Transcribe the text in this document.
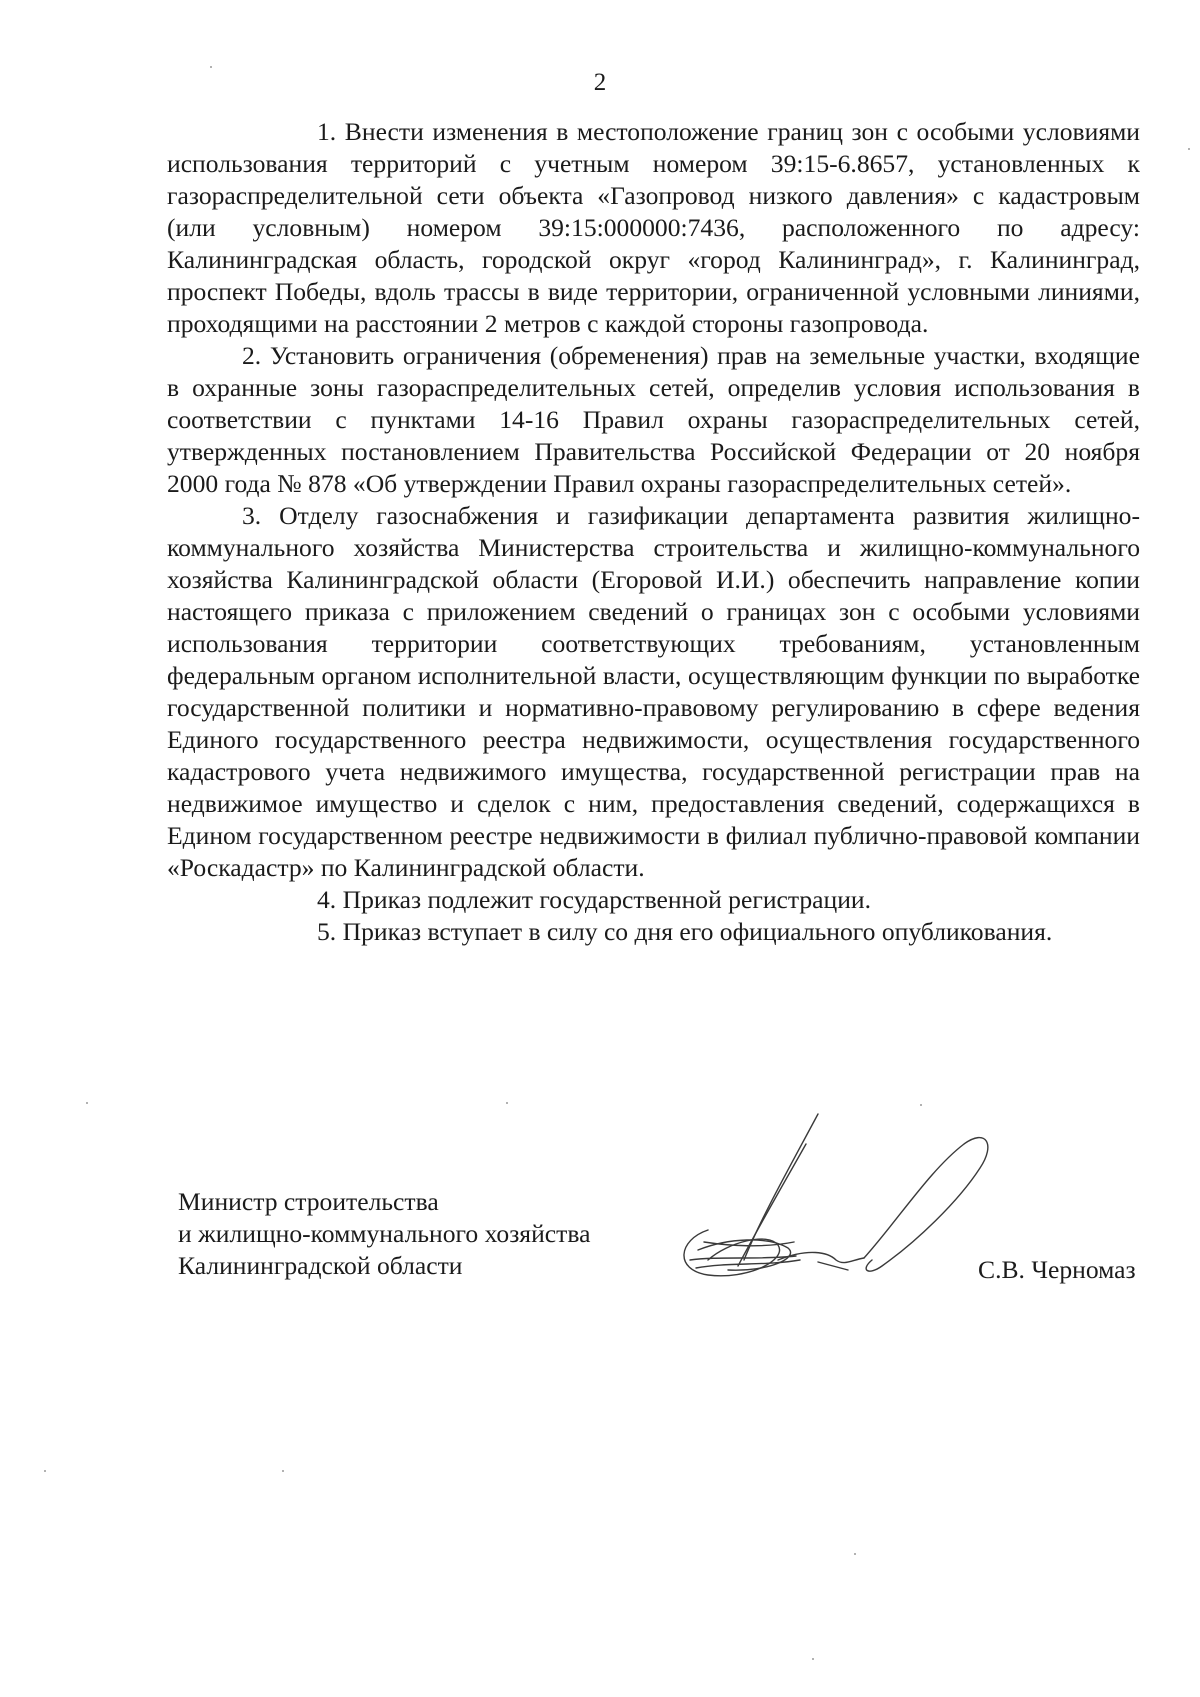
2

1. Внести изменения в местоположение границ зон с особыми условиями использования территорий с учетным номером 39:15-6.8657, установленных к газораспределительной сети объекта «Газопровод низкого давления» с кадастровым (или условным) номером 39:15:000000:7436, расположенного по адресу: Калининградская область, городской округ «город Калининград», г. Калининград, проспект Победы, вдоль трассы в виде территории, ограниченной условными линиями, проходящими на расстоянии 2 метров с каждой стороны газопровода.

2. Установить ограничения (обременения) прав на земельные участки, входящие в охранные зоны газораспределительных сетей, определив условия использования в соответствии с пунктами 14-16 Правил охраны газораспределительных сетей, утвержденных постановлением Правительства Российской Федерации от 20 ноября 2000 года № 878 «Об утверждении Правил охраны газораспределительных сетей».

3. Отделу газоснабжения и газификации департамента развития жилищно-коммунального хозяйства Министерства строительства и жилищно-коммунального хозяйства Калининградской области (Егоровой И.И.) обеспечить направление копии настоящего приказа с приложением сведений о границах зон с особыми условиями использования территории соответствующих требованиям, установленным федеральным органом исполнительной власти, осуществляющим функции по выработке государственной политики и нормативно-правовому регулированию в сфере ведения Единого государственного реестра недвижимости, осуществления государственного кадастрового учета недвижимого имущества, государственной регистрации прав на недвижимое имущество и сделок с ним, предоставления сведений, содержащихся в Едином государственном реестре недвижимости в филиал публично-правовой компании «Роскадастр» по Калининградской области.

4. Приказ подлежит государственной регистрации.

5. Приказ вступает в силу со дня его официального опубликования.

Министр строительства
и жилищно-коммунального хозяйства
Калининградской области	С.В. Черномаз
